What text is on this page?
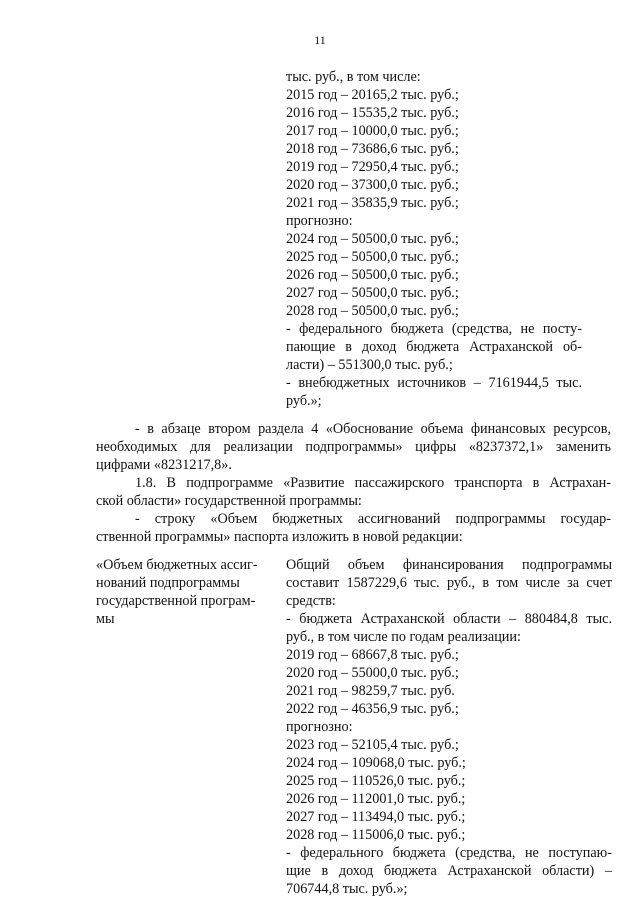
11
тыс. руб., в том числе:
2015 год – 20165,2 тыс. руб.;
2016 год – 15535,2 тыс. руб.;
2017 год – 10000,0 тыс. руб.;
2018 год – 73686,6 тыс. руб.;
2019 год – 72950,4 тыс. руб.;
2020 год – 37300,0 тыс. руб.;
2021 год – 35835,9 тыс. руб.;
прогнозно:
2024 год – 50500,0 тыс. руб.;
2025 год – 50500,0 тыс. руб.;
2026 год – 50500,0 тыс. руб.;
2027 год – 50500,0 тыс. руб.;
2028 год – 50500,0 тыс. руб.;
- федерального бюджета (средства, не посту-
пающие в доход бюджета Астраханской об-
ласти) – 551300,0 тыс. руб.;
- внебюджетных источников – 7161944,5 тыс.
руб.»;
- в абзаце втором раздела 4 «Обоснование объема финансовых ресурсов,
необходимых для реализации подпрограммы» цифры «8237372,1» заменить
цифрами «8231217,8».
1.8. В подпрограмме «Развитие пассажирского транспорта в Астрахан-
ской области» государственной программы:
- строку «Объем бюджетных ассигнований подпрограммы государ-
ственной программы» паспорта изложить в новой редакции:
«Объем бюджетных ассиг-
нований подпрограммы
государственной програм-
мы
Общий объем финансирования подпрограммы
составит 1587229,6 тыс. руб., в том числе за счет
средств:
- бюджета Астраханской области – 880484,8 тыс.
руб., в том числе по годам реализации:
2019 год – 68667,8 тыс. руб.;
2020 год – 55000,0 тыс. руб.;
2021 год – 98259,7 тыс. руб.
2022 год – 46356,9 тыс. руб.;
прогнозно:
2023 год – 52105,4 тыс. руб.;
2024 год – 109068,0 тыс. руб.;
2025 год – 110526,0 тыс. руб.;
2026 год – 112001,0 тыс. руб.;
2027 год – 113494,0 тыс. руб.;
2028 год – 115006,0 тыс. руб.;
- федерального бюджета (средства, не поступаю-
щие в доход бюджета Астраханской области) –
706744,8 тыс. руб.»;
